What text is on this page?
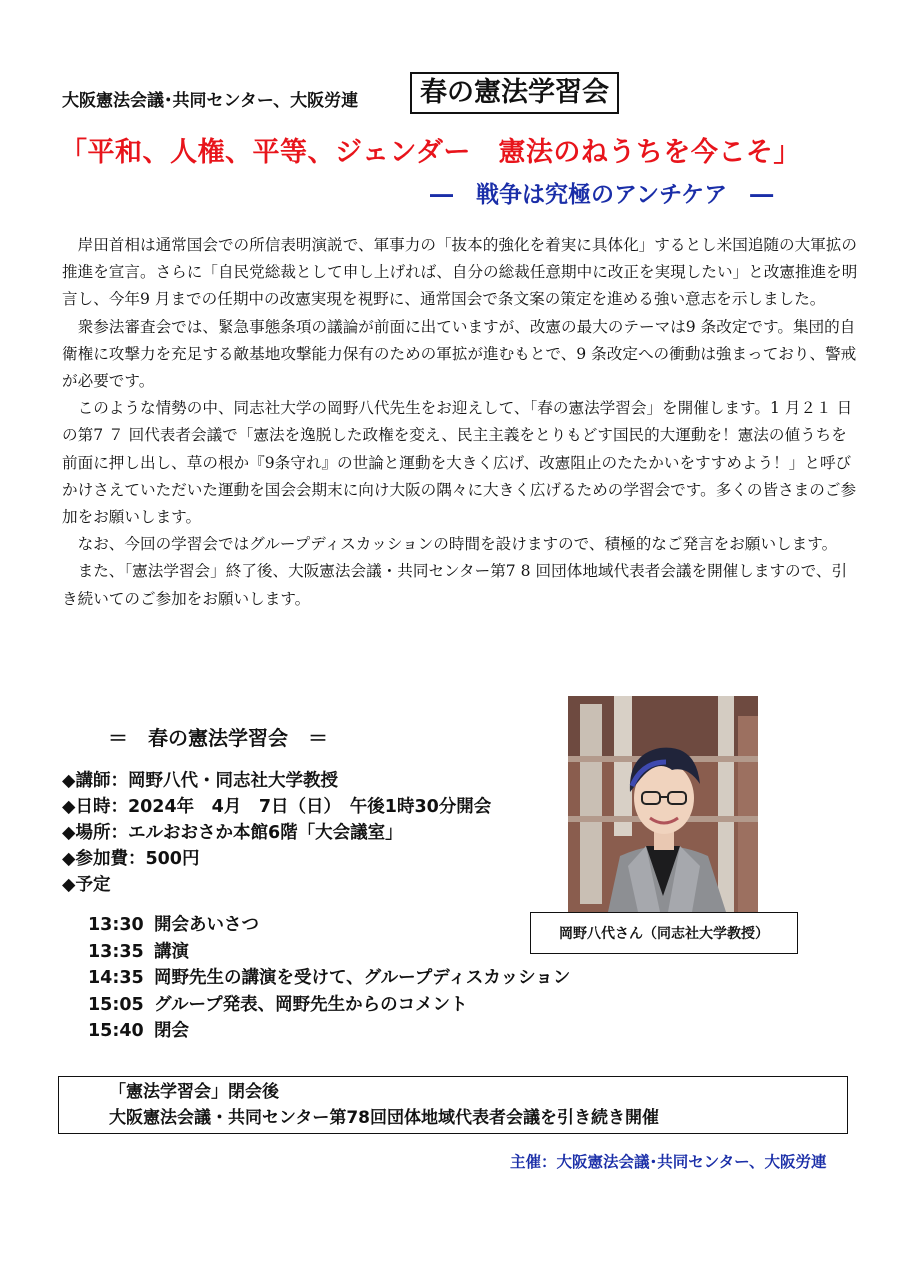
大阪憲法会議･共同センター、大阪労連	春の憲法学習会
「平和、人権、平等、ジェンダー　憲法のねうちを今こそ」
―　戦争は究極のアンチケア　―

岸田首相は通常国会での所信表明演説で、軍事力の「抜本的強化を着実に具体化」するとし米国追随の大軍拡の推進を宣言。さらに「自民党総裁として申し上げれば、自分の総裁任意期中に改正を実現したい」と改憲推進を明言し、今年9 月までの任期中の改憲実現を視野に、通常国会で条文案の策定を進める強い意志を示しました。

衆参法審査会では、緊急事態条項の議論が前面に出ていますが、改憲の最大のテーマは9 条改定です。集団的自衛権に攻撃力を充足する敵基地攻撃能力保有のための軍拡が進むもとで、9 条改定への衝動は強まっており、警戒が必要です。

このような情勢の中、同志社大学の岡野八代先生をお迎えして、「春の憲法学習会」を開催します。1 月２１ 日の第7 ７ 回代表者会議で「憲法を逸脱した政権を変え、民主主義をとりもどす国民的大運動を！憲法の値うちを前面に押し出し、草の根か『9条守れ』の世論と運動を大きく広げ、改憲阻止のたたかいをすすめよう！」と呼びかけさえていただいた運動を国会会期末に向け大阪の隅々に大きく広げるための学習会です。多くの皆さまのご参加をお願いします。

なお、今回の学習会ではグループディスカッションの時間を設けますので、積極的なご発言をお願いします。

また、「憲法学習会」終了後、大阪憲法会議・共同センター第7 8 回団体地域代表者会議を開催しますので、引き続いてのご参加をお願いします。

＝　春の憲法学習会　＝
◆講師：岡野八代・同志社大学教授
◆日時：2024年　4月　7日（日）　午後1時30分開会
◆場所：エルおおさか本館6階「大会議室」
◆参加費：500円
◆予定
13:30 開会あいさつ
13:35 講演
14:35 岡野先生の講演を受けて、グループディスカッション
15:05 グループ発表、岡野先生からのコメント
15:40 閉会
岡野八代さん（同志社大学教授）
「憲法学習会」閉会後
大阪憲法会議・共同センター第78回団体地域代表者会議を引き続き開催
主催：大阪憲法会議･共同センター、大阪労連
